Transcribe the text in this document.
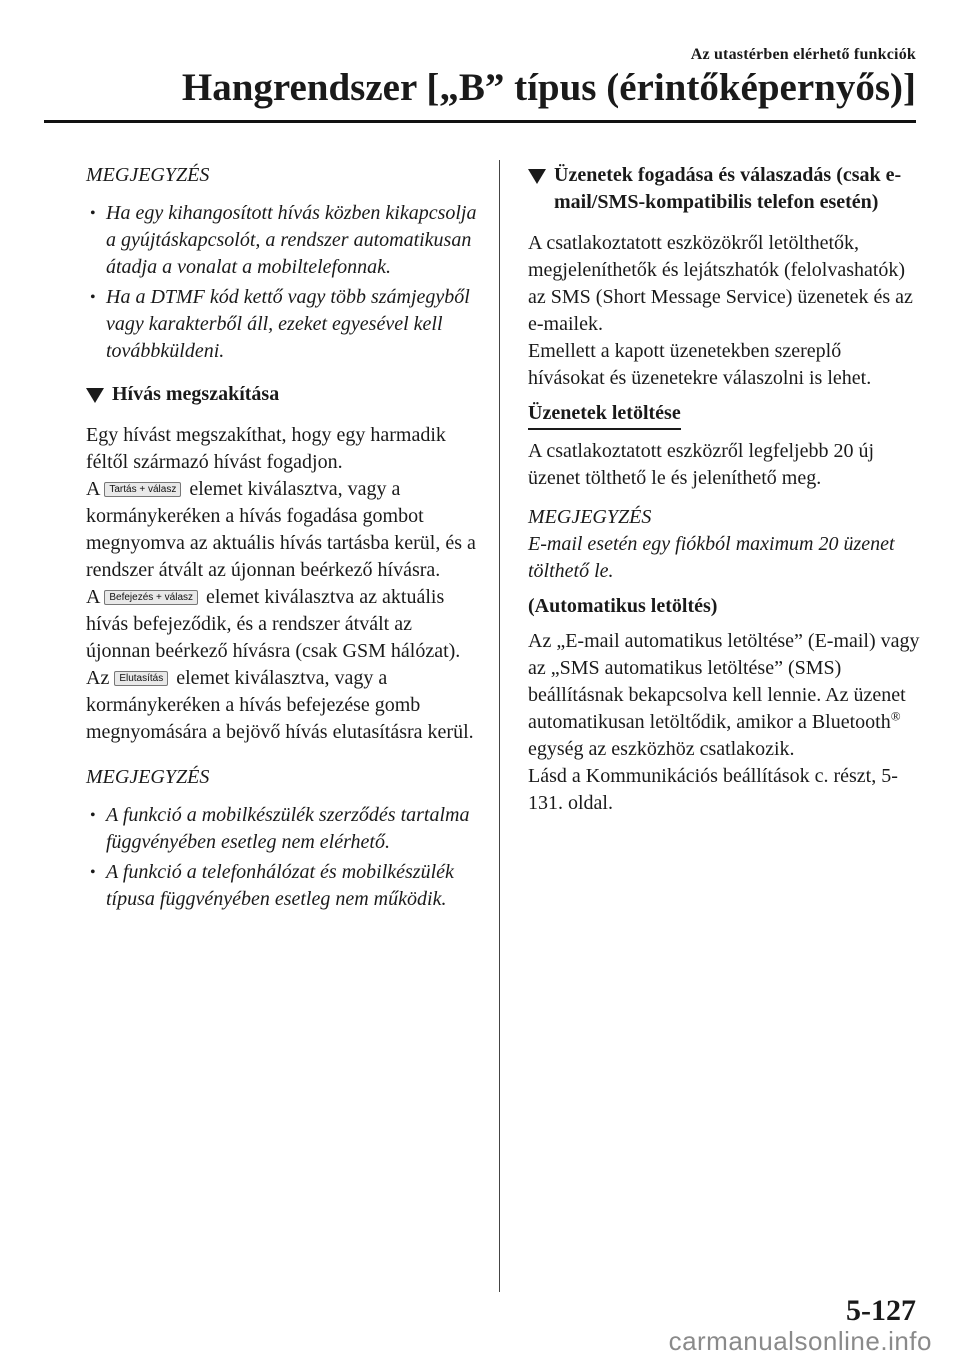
Az utastérben elérhető funkciók
Hangrendszer [„B” típus (érintőképernyős)]
MEGJEGYZÉS
• Ha egy kihangosított hívás közben kikapcsolja a gyújtáskapcsolót, a rendszer automatikusan átadja a vonalat a mobiltelefonnak.
• Ha a DTMF kód kettő vagy több számjegyből vagy karakterből áll, ezeket egyesével kell továbbküldeni.
Hívás megszakítása

Egy hívást megszakíthat, hogy egy harmadik féltől származó hívást fogadjon.

A Tartás + válasz elemet kiválasztva, vagy a kormánykeréken a hívás fogadása gombot megnyomva az aktuális hívás tartásba kerül, és a rendszer átvált az újonnan beérkező hívásra.

A Befejezés + válasz elemet kiválasztva az aktuális hívás befejeződik, és a rendszer átvált az újonnan beérkező hívásra (csak GSM hálózat).

Az Elutasítás elemet kiválasztva, vagy a kormánykeréken a hívás befejezése gomb megnyomására a bejövő hívás elutasításra kerül.

MEGJEGYZÉS
• A funkció a mobilkészülék szerződés tartalma függvényében esetleg nem elérhető.
• A funkció a telefonhálózat és mobilkészülék típusa függvényében esetleg nem működik.
Üzenetek fogadása és válaszadás (csak e-mail/SMS-kompatibilis telefon esetén)

A csatlakoztatott eszközökről letölthetők, megjeleníthetők és lejátszhatók (felolvashatók) az SMS (Short Message Service) üzenetek és az e-mailek.

Emellett a kapott üzenetekben szereplő hívásokat és üzenetekre válaszolni is lehet.

Üzenetek letöltése

A csatlakoztatott eszközről legfeljebb 20 új üzenet tölthető le és jeleníthető meg.

MEGJEGYZÉS

E-mail esetén egy fiókból maximum 20 üzenet tölthető le.

(Automatikus letöltés)

Az „E-mail automatikus letöltése” (E-mail) vagy az „SMS automatikus letöltése” (SMS) beállításnak bekapcsolva kell lennie. Az üzenet automatikusan letöltődik, amikor a Bluetooth® egység az eszközhöz csatlakozik.

Lásd a Kommunikációs beállítások c. részt, 5-131. oldal.

5-127
carmanualsonline.info
